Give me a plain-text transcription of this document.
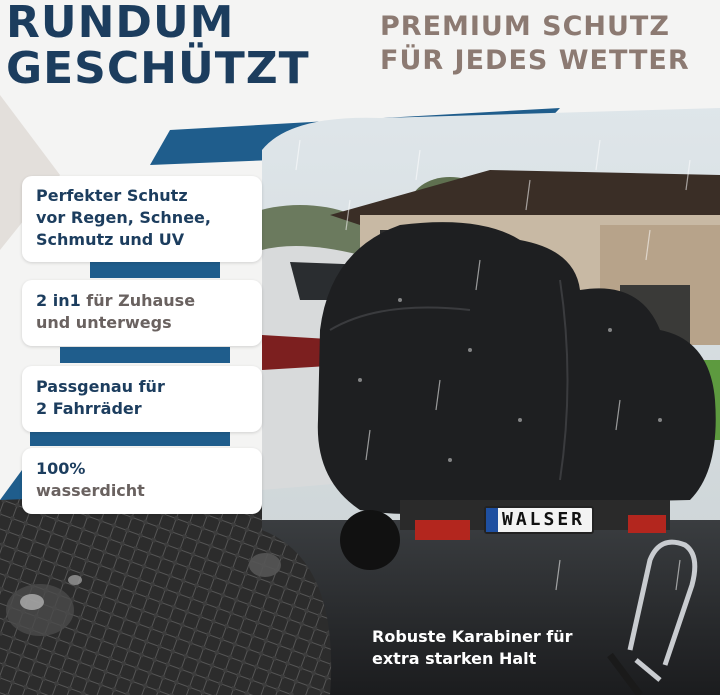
RUNDUM
GESCHÜTZT
PREMIUM SCHUTZ
FÜR JEDES WETTER

Perfekter Schutz

vor Regen, Schnee,

Schmutz und UV

2 in1 für Zuhause

und unterwegs

Passgenau für

2 Fahrräder

100%

wasserdicht

WALSER

Robuste Karabiner für
extra starken Halt
